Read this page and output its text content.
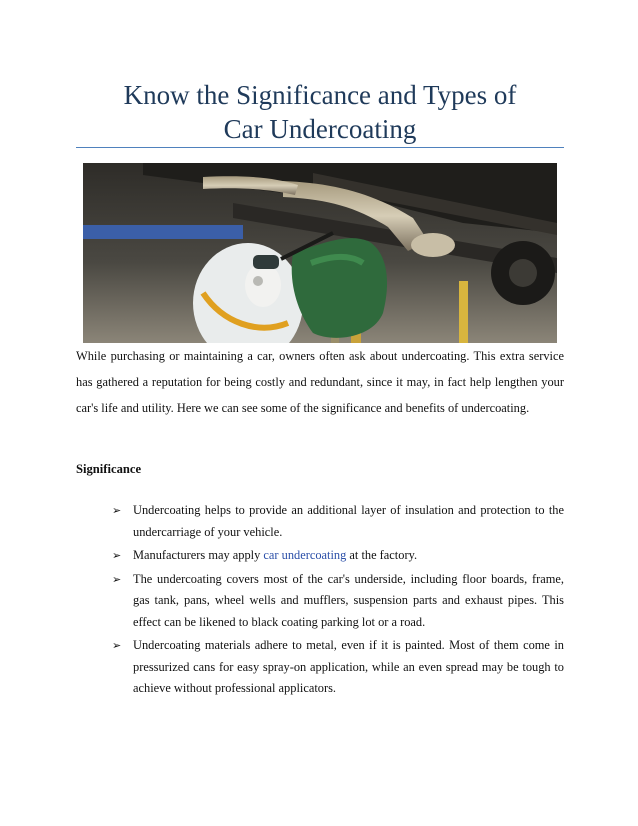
Know the Significance and Types of
Car Undercoating

While purchasing or maintaining a car, owners often ask about undercoating. This extra service has gathered a reputation for being costly and redundant, since it may, in fact help lengthen your car's life and utility. Here we can see some of the significance and benefits of undercoating.

Significance

➢ Undercoating helps to provide an additional layer of insulation and protection to the undercarriage of your vehicle.
➢ Manufacturers may apply car undercoating at the factory.
➢ The undercoating covers most of the car's underside, including floor boards, frame, gas tank, pans, wheel wells and mufflers, suspension parts and exhaust pipes. This effect can be likened to black coating parking lot or a road.
➢ Undercoating materials adhere to metal, even if it is painted. Most of them come in pressurized cans for easy spray-on application, while an even spread may be tough to achieve without professional applicators.
